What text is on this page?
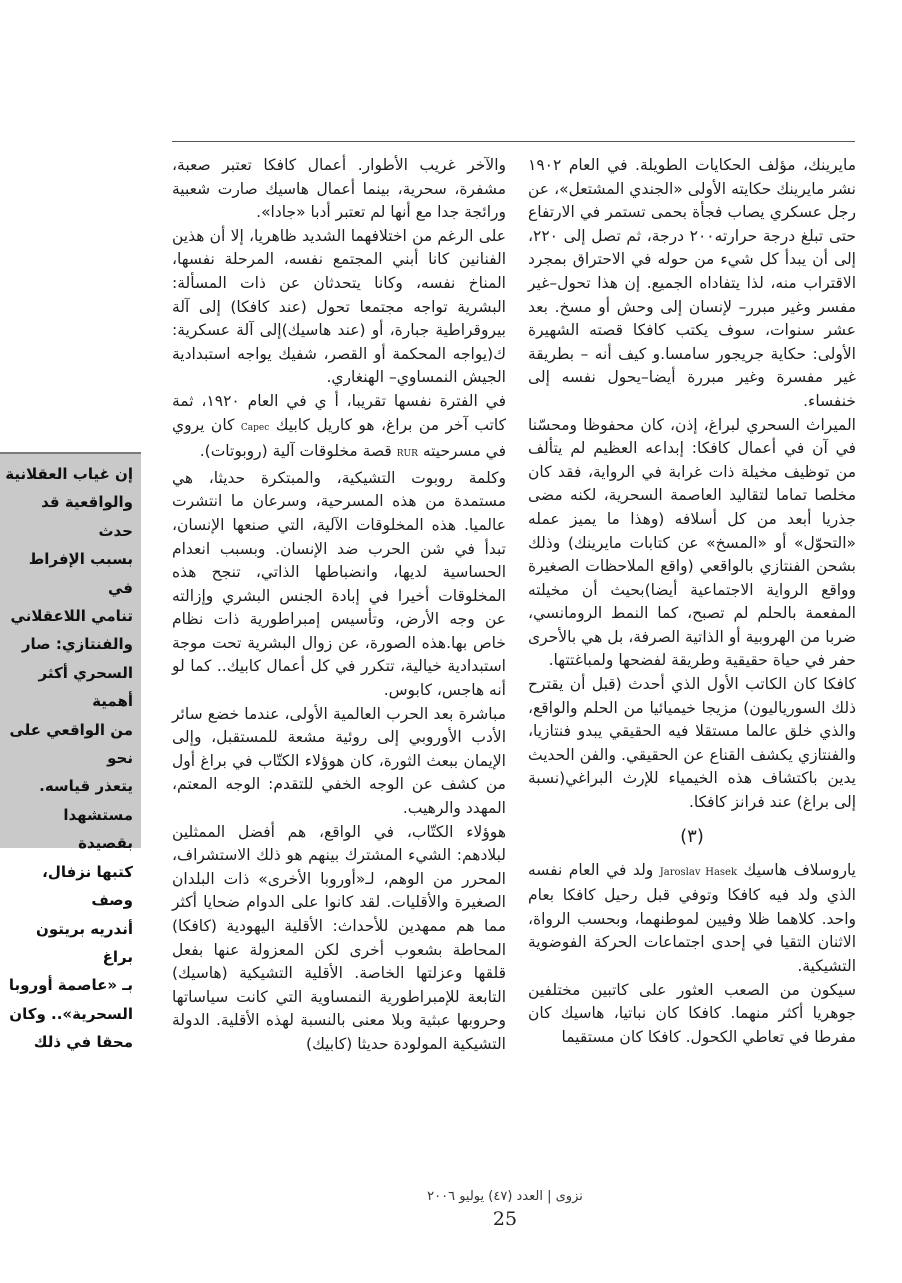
مايرينك، مؤلف الحكايات الطويلة. في العام ١٩٠٢ نشر مايرينك حكايته الأولى «الجندي المشتعل»، عن رجل عسكري يصاب فجأة بحمى تستمر في الارتفاع حتى تبلغ درجة حرارته٢٠٠ درجة، ثم تصل إلى ٢٢٠، إلى أن يبدأ كل شيء من حوله في الاحتراق بمجرد الاقتراب منه، لذا يتفاداه الجميع. إن هذا تحول–غير مفسر وغير مبرر– لإنسان إلى وحش أو مسخ. بعد عشر سنوات، سوف يكتب كافكا قصته الشهيرة الأولى: حكاية جريجور سامسا.و كيف أنه – بطريقة غير مفسرة وغير مبررة أيضا–يحول نفسه إلى خنفساء.

الميراث السحري لبراغ، إذن، كان محفوظا ومحسّنا في آن في أعمال كافكا: إبداعه العظيم لم يتألف من توظيف مخيلة ذات غرابة في الرواية، فقد كان مخلصا تماما لتقاليد العاصمة السحرية، لكنه مضى جذريا أبعد من كل أسلافه (وهذا ما يميز عمله «التحوّل» أو «المسخ» عن كتابات مايرينك) وذلك بشحن الفنتازي بالواقعي (واقع الملاحظات الصغيرة وواقع الرواية الاجتماعية أيضا)بحيث أن مخيلته المفعمة بالحلم لم تصبح، كما النمط الرومانسي، ضربا من الهروبية أو الذاتية الصرفة، بل هي بالأحرى حفر في حياة حقيقية وطريقة لفضحها ولمباغتتها.

كافكا كان الكاتب الأول الذي أحدث (قبل أن يقترح ذلك السورياليون) مزيجا خيميائيا من الحلم والواقع، والذي خلق عالما مستقلا فيه الحقيقي يبدو فنتازيا، والفنتازي يكشف القناع عن الحقيقي. والفن الحديث يدين باكتشاف هذه الخيمياء للإرث البراغي(نسبة إلى براغ) عند فرانز كافكا.

(٣)

ياروسلاف هاسيك Jaroslav Hasek ولد في العام نفسه الذي ولد فيه كافكا وتوفي قبل رحيل كافكا بعام واحد. كلاهما ظلا وفيين لموطنهما، وبحسب الرواة، الاثنان التقيا في إحدى اجتماعات الحركة الفوضوية التشيكية.

سيكون من الصعب العثور على كاتبين مختلفين جوهريا أكثر منهما. كافكا كان نباتيا، هاسيك كان مفرطا في تعاطي الكحول. كافكا كان مستقيما

والآخر غريب الأطوار. أعمال كافكا تعتبر صعبة، مشفرة، سحرية، بينما أعمال هاسيك صارت شعبية ورائجة جدا مع أنها لم تعتبر أدبا «جادا».

على الرغم من اختلافهما الشديد ظاهريا، إلا أن هذين الفنانين كانا أبني المجتمع نفسه، المرحلة نفسها، المناخ نفسه، وكانا يتحدثان عن ذات المسألة: البشرية تواجه مجتمعا تحول (عند كافكا) إلى آلة بيروقراطية جبارة، أو (عند هاسيك)إلى آلة عسكرية: ك(يواجه المحكمة أو القصر، شفيك يواجه استبدادية الجيش النمساوي– الهنغاري.

في الفترة نفسها تقريبا، أ ي في العام ١٩٢٠، ثمة كاتب آخر من براغ، هو كاريل كابيك Capec كان يروي في مسرحيته RUR قصة مخلوقات آلية (روبوتات).

وكلمة روبوت التشيكية، والمبتكرة حديثا، هي مستمدة من هذه المسرحية، وسرعان ما انتشرت عالميا. هذه المخلوقات الآلية، التي صنعها الإنسان، تبدأ في شن الحرب ضد الإنسان. وبسبب انعدام الحساسية لديها، وانضباطها الذاتي، تنجح هذه المخلوقات أخيرا في إبادة الجنس البشري وإزالته عن وجه الأرض، وتأسيس إمبراطورية ذات نظام خاص بها.هذه الصورة، عن زوال البشرية تحت موجة استبدادية خيالية، تتكرر في كل أعمال كابيك.. كما لو أنه هاجس، كابوس.

مباشرة بعد الحرب العالمية الأولى، عندما خضع سائر الأدب الأوروبي إلى روئية مشعة للمستقبل، وإلى الإيمان ببعث الثورة، كان هوؤلاء الكتّاب في براغ أول من كشف عن الوجه الخفي للتقدم: الوجه المعتم، المهدد والرهيب.

هوؤلاء الكتّاب، في الواقع، هم أفضل الممثلين لبلادهم: الشيء المشترك بينهم هو ذلك الاستشراف، المحرر من الوهم، لـ«أوروبا الأخرى» ذات البلدان الصغيرة والأقليات. لقد كانوا على الدوام ضحايا أكثر مما هم ممهدين للأحداث: الأقلية اليهودية (كافكا) المحاطة بشعوب أخرى لكن المعزولة عنها بفعل قلقها وعزلتها الخاصة. الأقلية التشيكية (هاسيك) التابعة للإمبراطورية النمساوية التي كانت سياساتها وحروبها عبثية وبلا معنى بالنسبة لهذه الأقلية. الدولة التشيكية المولودة حديثا (كابيك)

إن غياب العقلانية
والواقعية قد حدث
بسبب الإفراط في
تنامي اللاعقلاني
والفنتازي: صار
السحري أكثر أهمية
من الواقعي على نحو
يتعذر قياسه.
مستشهدا بقصيدة
كتبها نزفال، وصف
أندريه بريتون براغ
بـ «عاصمة أوروبا
السحرية».. وكان
محقا في ذلك
نزوى | العدد (٤٧) يوليو ٢٠٠٦
25
